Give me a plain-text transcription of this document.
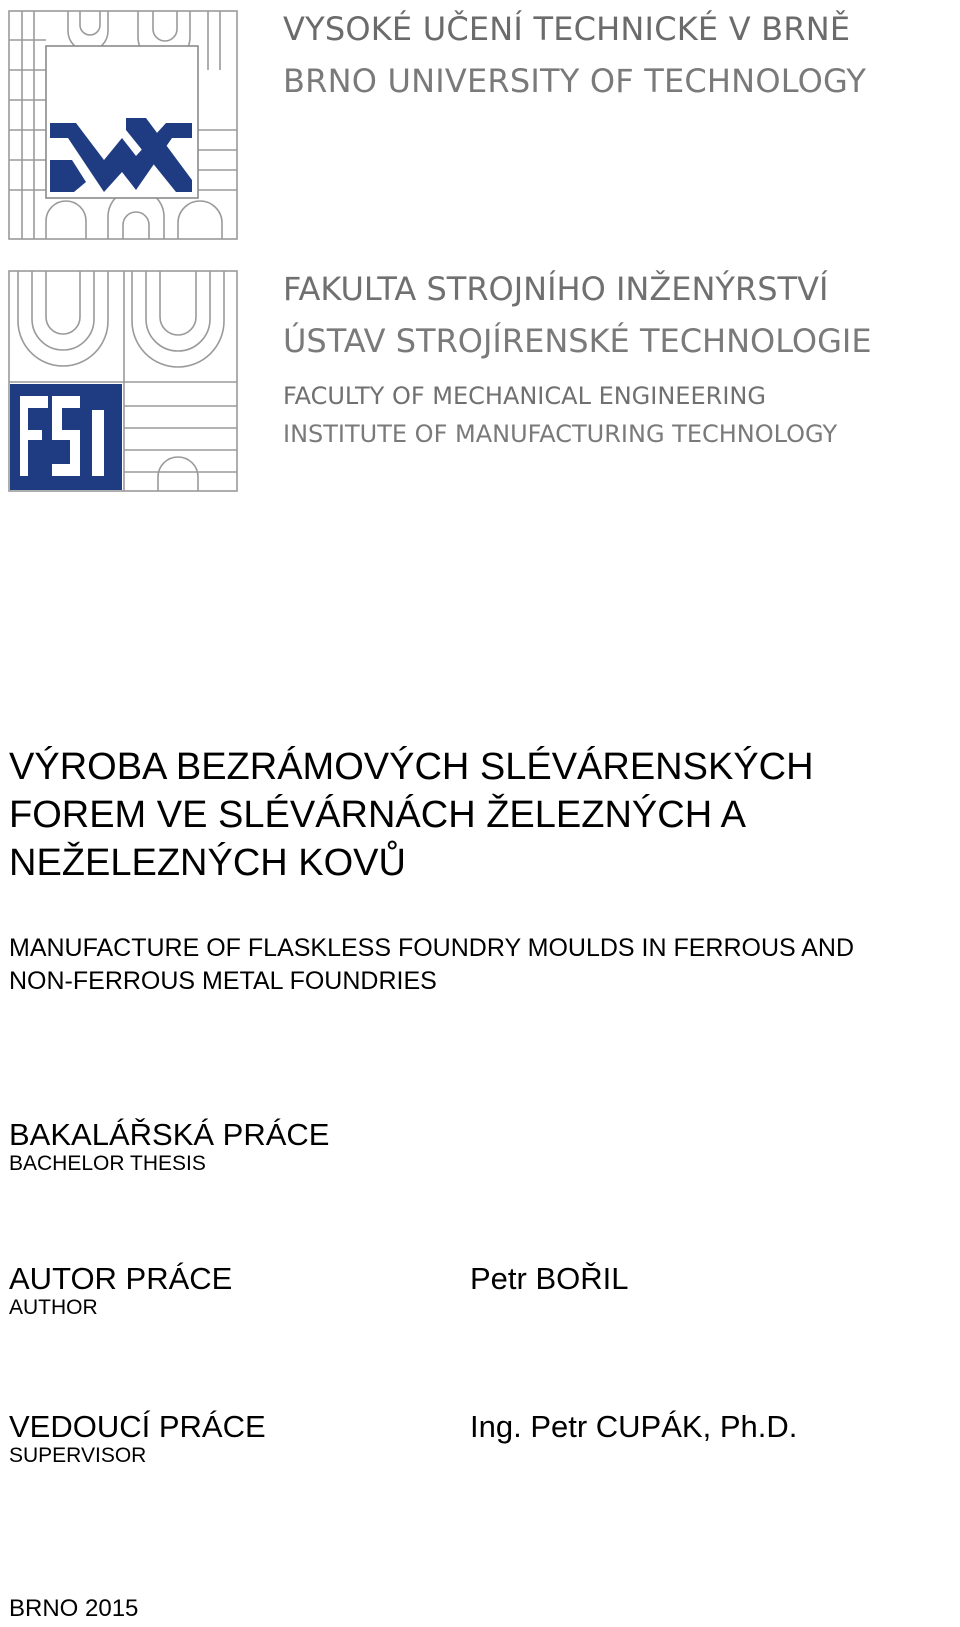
VYSOKÉ UČENÍ TECHNICKÉ V BRNĚ
BRNO UNIVERSITY OF TECHNOLOGY
FAKULTA STROJNÍHO INŽENÝRSTVÍ
ÚSTAV STROJÍRENSKÉ TECHNOLOGIE
FACULTY OF MECHANICAL ENGINEERING
INSTITUTE OF MANUFACTURING TECHNOLOGY
VÝROBA BEZRÁMOVÝCH SLÉVÁRENSKÝCH
FOREM VE SLÉVÁRNÁCH ŽELEZNÝCH A
NEŽELEZNÝCH KOVŮ
MANUFACTURE OF FLASKLESS FOUNDRY MOULDS IN FERROUS AND
NON-FERROUS METAL FOUNDRIES
BAKALÁŘSKÁ PRÁCE
BACHELOR THESIS
AUTOR PRÁCE
AUTHOR
Petr BOŘIL
VEDOUCÍ PRÁCE
SUPERVISOR
Ing. Petr CUPÁK, Ph.D.
BRNO 2015
